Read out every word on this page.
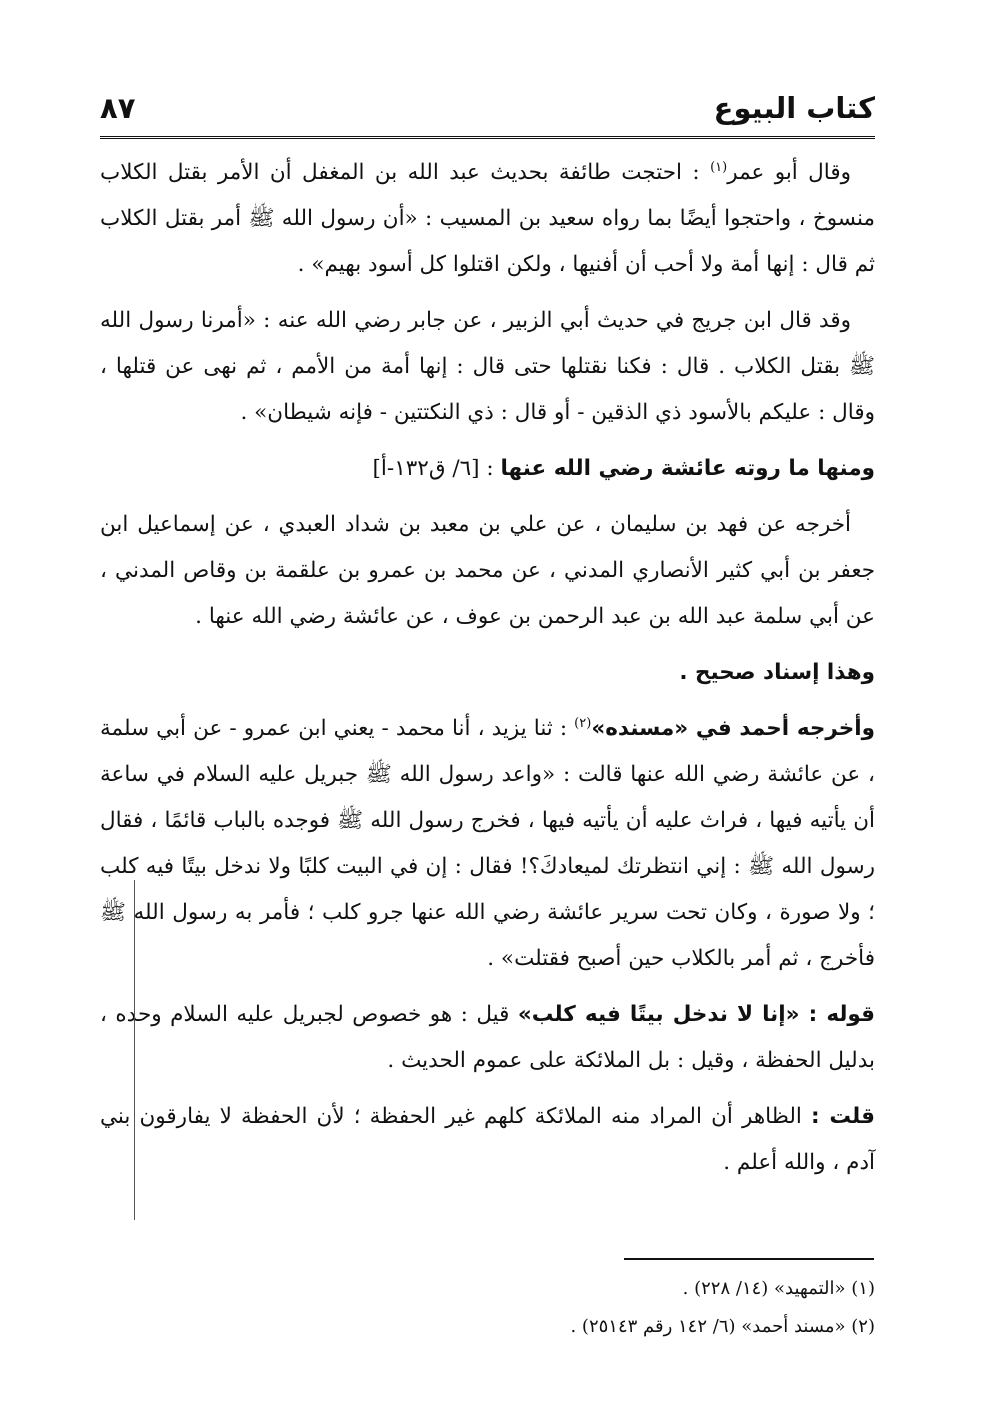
كتاب البيوع
٨٧

وقال أبو عمر$^{(١)}$ : احتجت طائفة بحديث عبد الله بن المغفل أن الأمر بقتل الكلاب منسوخ ، واحتجوا أيضًا بما رواه سعيد بن المسيب : «أن رسول الله ﷺ أمر بقتل الكلاب ثم قال : إنها أمة ولا أحب أن أفنيها ، ولكن اقتلوا كل أسود بهيم» .

وقد قال ابن جريج في حديث أبي الزبير ، عن جابر رضي الله عنه : «أمرنا رسول الله ﷺ بقتل الكلاب . قال : فكنا نقتلها حتى قال : إنها أمة من الأمم ، ثم نهى عن قتلها ، وقال : عليكم بالأسود ذي الذقين - أو قال : ذي النكتتين - فإنه شيطان» .

ومنها ما روته عائشة رضي الله عنها : [٦/ ق١٣٢-أ]

أخرجه عن فهد بن سليمان ، عن علي بن معبد بن شداد العبدي ، عن إسماعيل ابن جعفر بن أبي كثير الأنصاري المدني ، عن محمد بن عمرو بن علقمة بن وقاص المدني ، عن أبي سلمة عبد الله بن عبد الرحمن بن عوف ، عن عائشة رضي الله عنها .

وهذا إسناد صحيح .

وأخرجه أحمد في «مسنده»$^{(٢)}$ : ثنا يزيد ، أنا محمد - يعني ابن عمرو - عن أبي سلمة ، عن عائشة رضي الله عنها قالت : «واعد رسول الله ﷺ جبريل عليه السلام في ساعة أن يأتيه فيها ، فراث عليه أن يأتيه فيها ، فخرج رسول الله ﷺ فوجده بالباب قائمًا ، فقال رسول الله ﷺ : إني انتظرتك لميعادكَ؟! فقال : إن في البيت كلبًا ولا ندخل بيتًا فيه كلب ؛ ولا صورة ، وكان تحت سرير عائشة رضي الله عنها جرو كلب ؛ فأمر به رسول الله ﷺ فأخرج ، ثم أمر بالكلاب حين أصبح فقتلت» .

قوله : «إنا لا ندخل بيتًا فيه كلب» قيل : هو خصوص لجبريل عليه السلام وحده ، بدليل الحفظة ، وقيل : بل الملائكة على عموم الحديث .

قلت : الظاهر أن المراد منه الملائكة كلهم غير الحفظة ؛ لأن الحفظة لا يفارقون بني آدم ، والله أعلم .

(١) «التمهيد» (١٤/ ٢٢٨) .

(٢) «مسند أحمد» (٦/ ١٤٢ رقم ٢٥١٤٣) .
